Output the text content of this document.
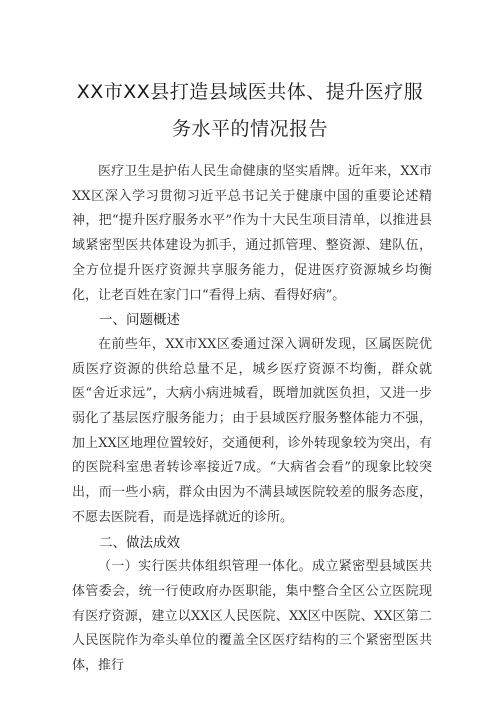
XX市XX县打造县域医共体、提升医疗服
务水平的情况报告

医疗卫生是护佑人民生命健康的坚实盾牌。近年来，XX市XX区深入学习贯彻习近平总书记关于健康中国的重要论述精神，把“提升医疗服务水平”作为十大民生项目清单，以推进县域紧密型医共体建设为抓手，通过抓管理、整资源、建队伍，全方位提升医疗资源共享服务能力，促进医疗资源城乡均衡化，让老百姓在家门口“看得上病、看得好病”。

一、问题概述

在前些年，XX市XX区委通过深入调研发现，区属医院优质医疗资源的供给总量不足，城乡医疗资源不均衡，群众就医“舍近求远”，大病小病进城看，既增加就医负担，又进一步弱化了基层医疗服务能力；由于县域医疗服务整体能力不强，加上XX区地理位置较好，交通便利，诊外转现象较为突出，有的医院科室患者转诊率接近7成。“大病省会看”的现象比较突出，而一些小病，群众由因为不满县域医院较差的服务态度，不愿去医院看，而是选择就近的诊所。

二、做法成效

（一）实行医共体组织管理一体化。成立紧密型县域医共体管委会，统一行使政府办医职能，集中整合全区公立医院现有医疗资源，建立以XX区人民医院、XX区中医院、XX区第二人民医院作为牵头单位的覆盖全区医疗结构的三个紧密型医共体，推行
